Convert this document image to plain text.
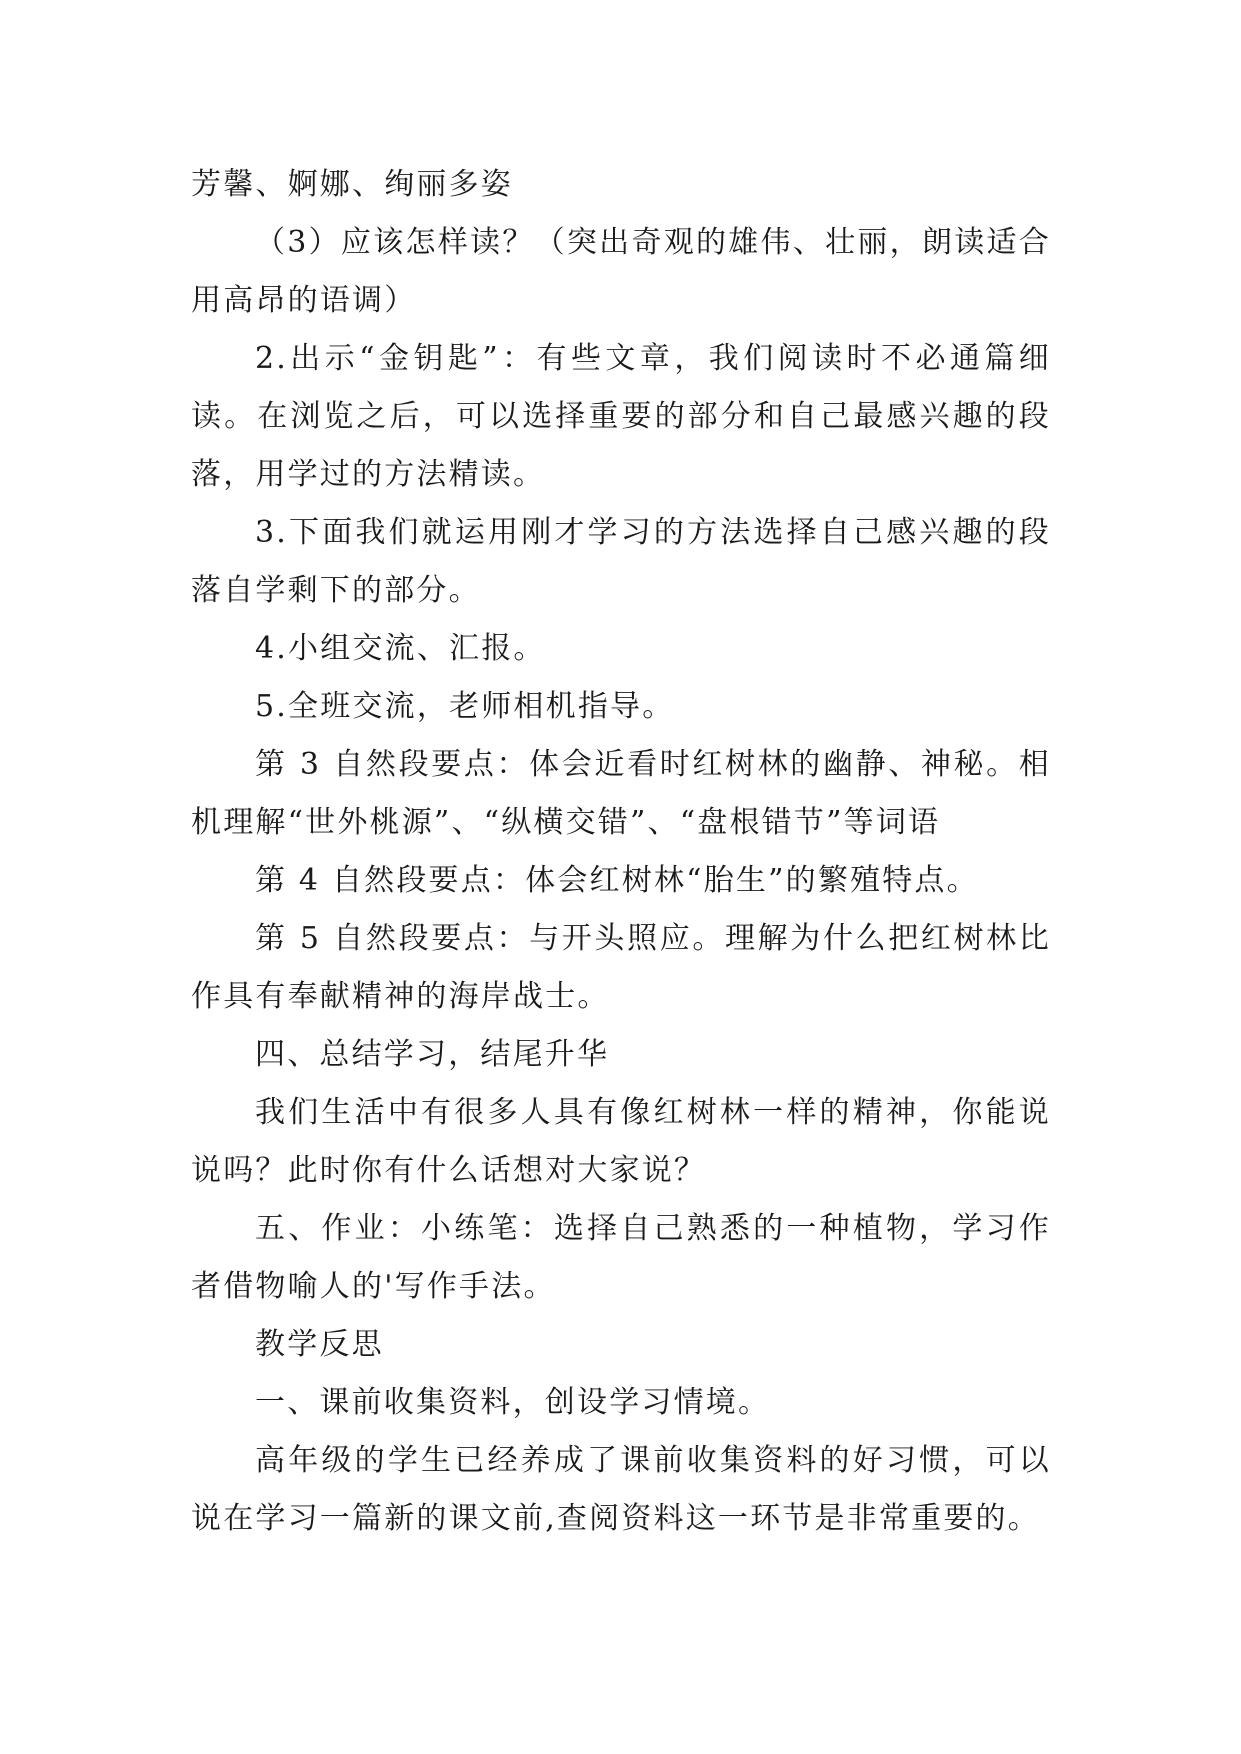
芳馨、婀娜、绚丽多姿

（3）应该怎样读？（突出奇观的雄伟、壮丽，朗读适合用高昂的语调）

2.出示“金钥匙”：有些文章，我们阅读时不必通篇细读。在浏览之后，可以选择重要的部分和自己最感兴趣的段落，用学过的方法精读。

3.下面我们就运用刚才学习的方法选择自己感兴趣的段落自学剩下的部分。

4.小组交流、汇报。

5.全班交流，老师相机指导。

第 3 自然段要点：体会近看时红树林的幽静、神秘。相机理解“世外桃源”、“纵横交错”、“盘根错节”等词语

第 4 自然段要点：体会红树林“胎生”的繁殖特点。

第 5 自然段要点：与开头照应。理解为什么把红树林比作具有奉献精神的海岸战士。

四、总结学习，结尾升华

我们生活中有很多人具有像红树林一样的精神，你能说说吗？此时你有什么话想对大家说？

五、作业：小练笔：选择自己熟悉的一种植物，学习作者借物喻人的'写作手法。

教学反思

一、课前收集资料，创设学习情境。

高年级的学生已经养成了课前收集资料的好习惯，可以说在学习一篇新的课文前,查阅资料这一环节是非常重要的。
